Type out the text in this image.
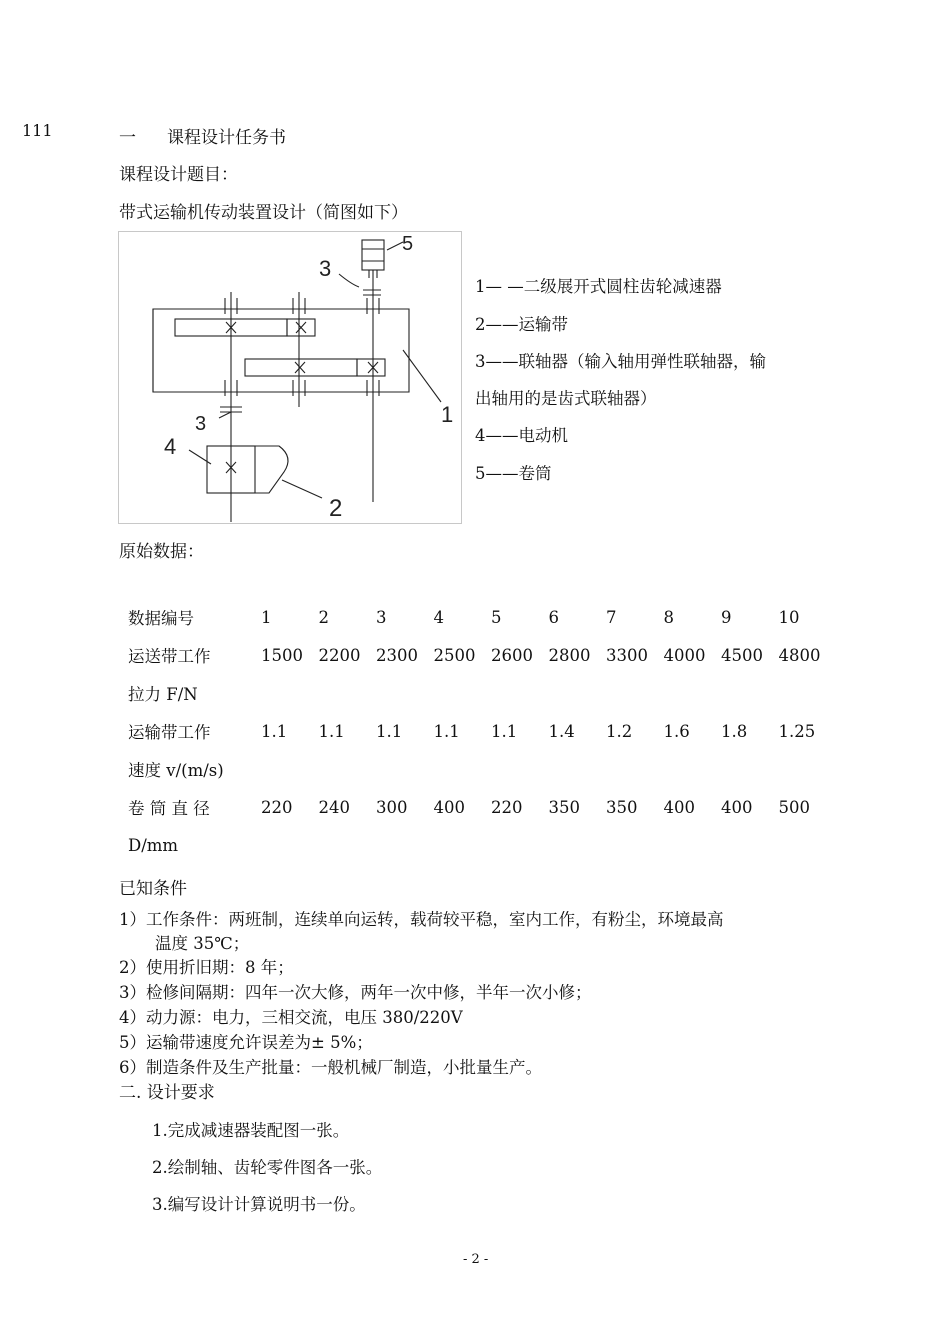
111	一 课程设计任务书
课程设计题目：
带式运输机传动装置设计（简图如下）
5
3
1
3
4
2
1— —二级展开式圆柱齿轮减速器
2——运输带
3——联轴器（输入轴用弹性联轴器，输
出轴用的是齿式联轴器）
4——电动机
5——卷筒
原始数据：
数据编号	1	2	3	4	5	6	7	8	9	10
运送带工作	1500	2200	2300	2500	2600	2800	3300	4000	4500	4800
拉力 F/N										
运输带工作	1.1	1.1	1.1	1.1	1.1	1.4	1.2	1.6	1.8	1.25
速度 v/(m/s)										
卷 筒 直 径	220	240	300	400	220	350	350	400	400	500
D/mm										
已知条件
1）工作条件：两班制，连续单向运转，载荷较平稳，室内工作，有粉尘，环境最高
温度 35℃；
2）使用折旧期：8 年；
3）检修间隔期：四年一次大修，两年一次中修，半年一次小修；
4）动力源：电力，三相交流，电压 380/220V
5）运输带速度允许误差为± 5%；
6）制造条件及生产批量：一般机械厂制造，小批量生产。
二. 设计要求
1.完成减速器装配图一张。
2.绘制轴、齿轮零件图各一张。
3.编写设计计算说明书一份。
- 2 -
